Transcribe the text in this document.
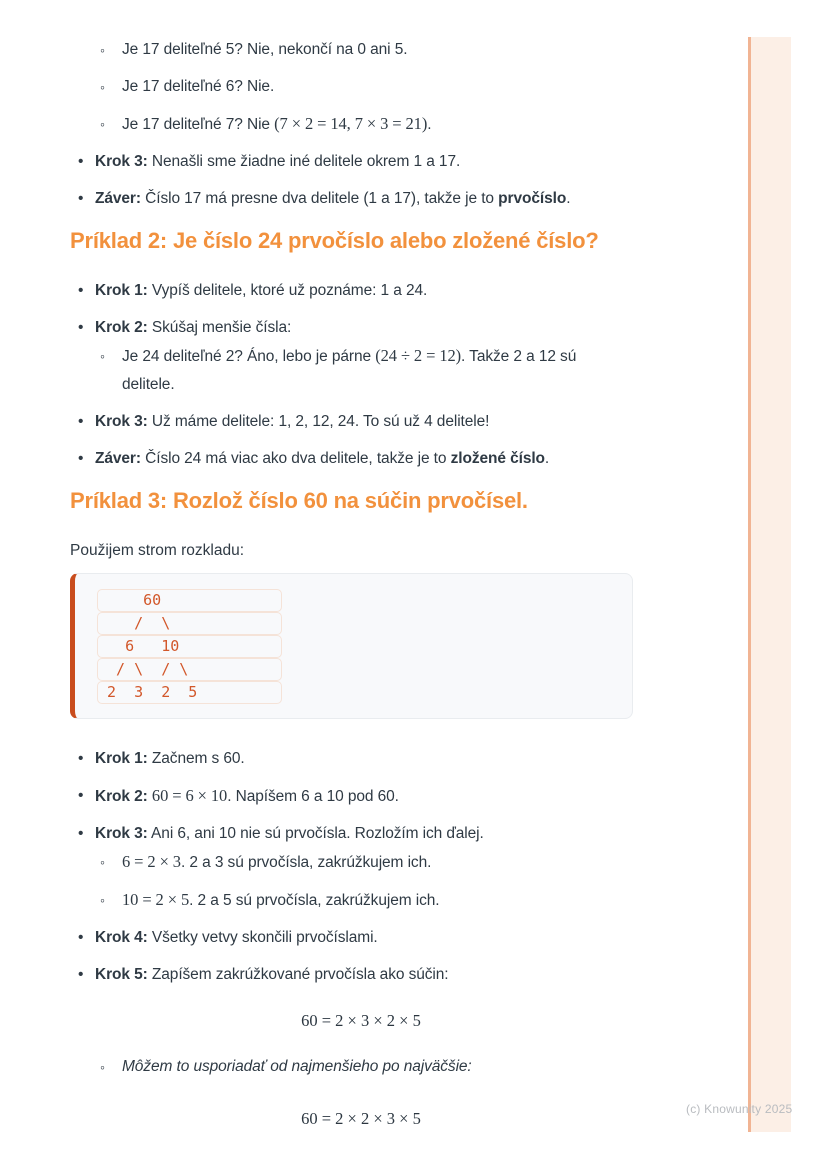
◦ Je 17 deliteľné 5? Nie, nekončí na 0 ani 5.
◦ Je 17 deliteľné 6? Nie.
◦ Je 17 deliteľné 7? Nie (7 × 2 = 14, 7 × 3 = 21).
• Krok 3: Nenašli sme žiadne iné delitele okrem 1 a 17.
• Záver: Číslo 17 má presne dva delitele (1 a 17), takže je to prvočíslo.
Príklad 2: Je číslo 24 prvočíslo alebo zložené číslo?
• Krok 1: Vypíš delitele, ktoré už poznáme: 1 a 24.
• Krok 2: Skúšaj menšie čísla:
◦ Je 24 deliteľné 2? Áno, lebo je párne (24 ÷ 2 = 12). Takže 2 a 12 sú delitele.
• Krok 3: Už máme delitele: 1, 2, 12, 24. To sú už 4 delitele!
• Záver: Číslo 24 má viac ako dva delitele, takže je to zložené číslo.
Príklad 3: Rozlož číslo 60 na súčin prvočísel.

Použijem strom rozkladu:

60
/  \
6   10
/ \  / \
2  3  2  5
• Krok 1: Začnem s 60.
• Krok 2: 60 = 6 × 10. Napíšem 6 a 10 pod 60.
• Krok 3: Ani 6, ani 10 nie sú prvočísla. Rozložím ich ďalej.
◦ 6 = 2 × 3. 2 a 3 sú prvočísla, zakrúžkujem ich.
◦ 10 = 2 × 5. 2 a 5 sú prvočísla, zakrúžkujem ich.
• Krok 4: Všetky vetvy skončili prvočíslami.
• Krok 5: Zapíšem zakrúžkované prvočísla ako súčin:
60 = 2 × 3 × 2 × 5
◦ Môžem to usporiadať od najmenšieho po najväčšie:
60 = 2 × 2 × 3 × 5	(c) Knowunity 2025
